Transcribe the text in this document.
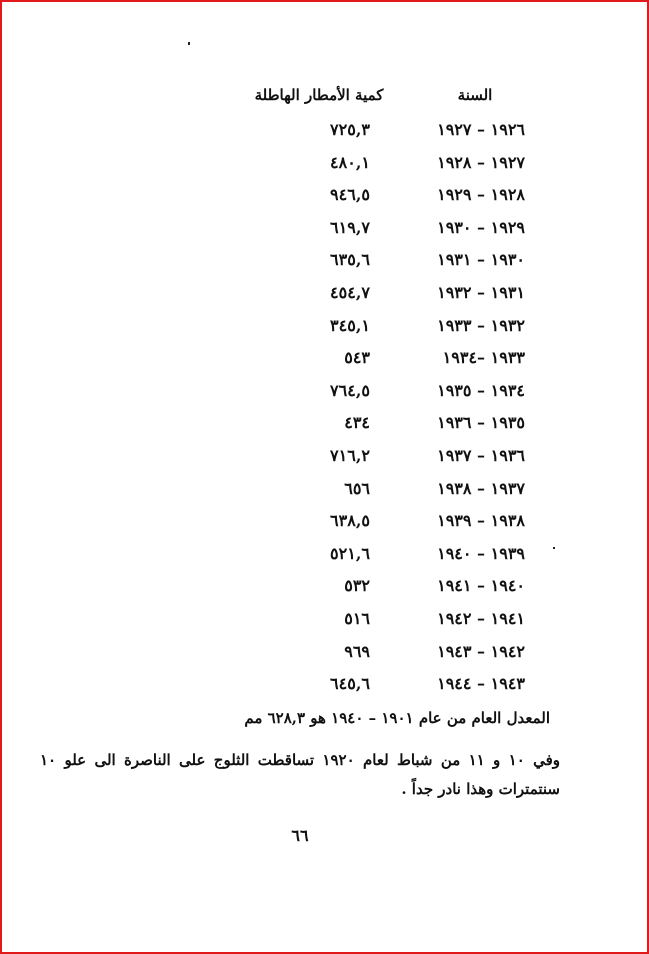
السنة
كمية الأمطار الهاطلة
١٩٢٦ – ١٩٢٧
٧٢٥,٣
١٩٢٧ – ١٩٢٨
٤٨٠,١
١٩٢٨ – ١٩٢٩
٩٤٦,٥
١٩٢٩ – ١٩٣٠
٦١٩,٧
١٩٣٠ – ١٩٣١
٦٣٥,٦
١٩٣١ – ١٩٣٢
٤٥٤,٧
١٩٣٢ – ١٩٣٣
٣٤٥,١
١٩٣٣ –١٩٣٤
٥٤٣
١٩٣٤ – ١٩٣٥
٧٦٤,٥
١٩٣٥ – ١٩٣٦
٤٣٤
١٩٣٦ – ١٩٣٧
٧١٦,٢
١٩٣٧ – ١٩٣٨
٦٥٦
١٩٣٨ – ١٩٣٩
٦٣٨,٥
١٩٣٩ – ١٩٤٠
٥٢١,٦
١٩٤٠ – ١٩٤١
٥٣٢
١٩٤١ – ١٩٤٢
٥١٦
١٩٤٢ – ١٩٤٣
٩٦٩
١٩٤٣ – ١٩٤٤
٦٤٥,٦
المعدل العام من عام ١٩٠١ – ١٩٤٠ هو ٦٢٨,٣ مم
وفي ١٠ و ١١ من شباط لعام ١٩٢٠ تساقطت الثلوج على الناصرة الى علو ١٠ سنتمترات وهذا نادر جداً .
٦٦
